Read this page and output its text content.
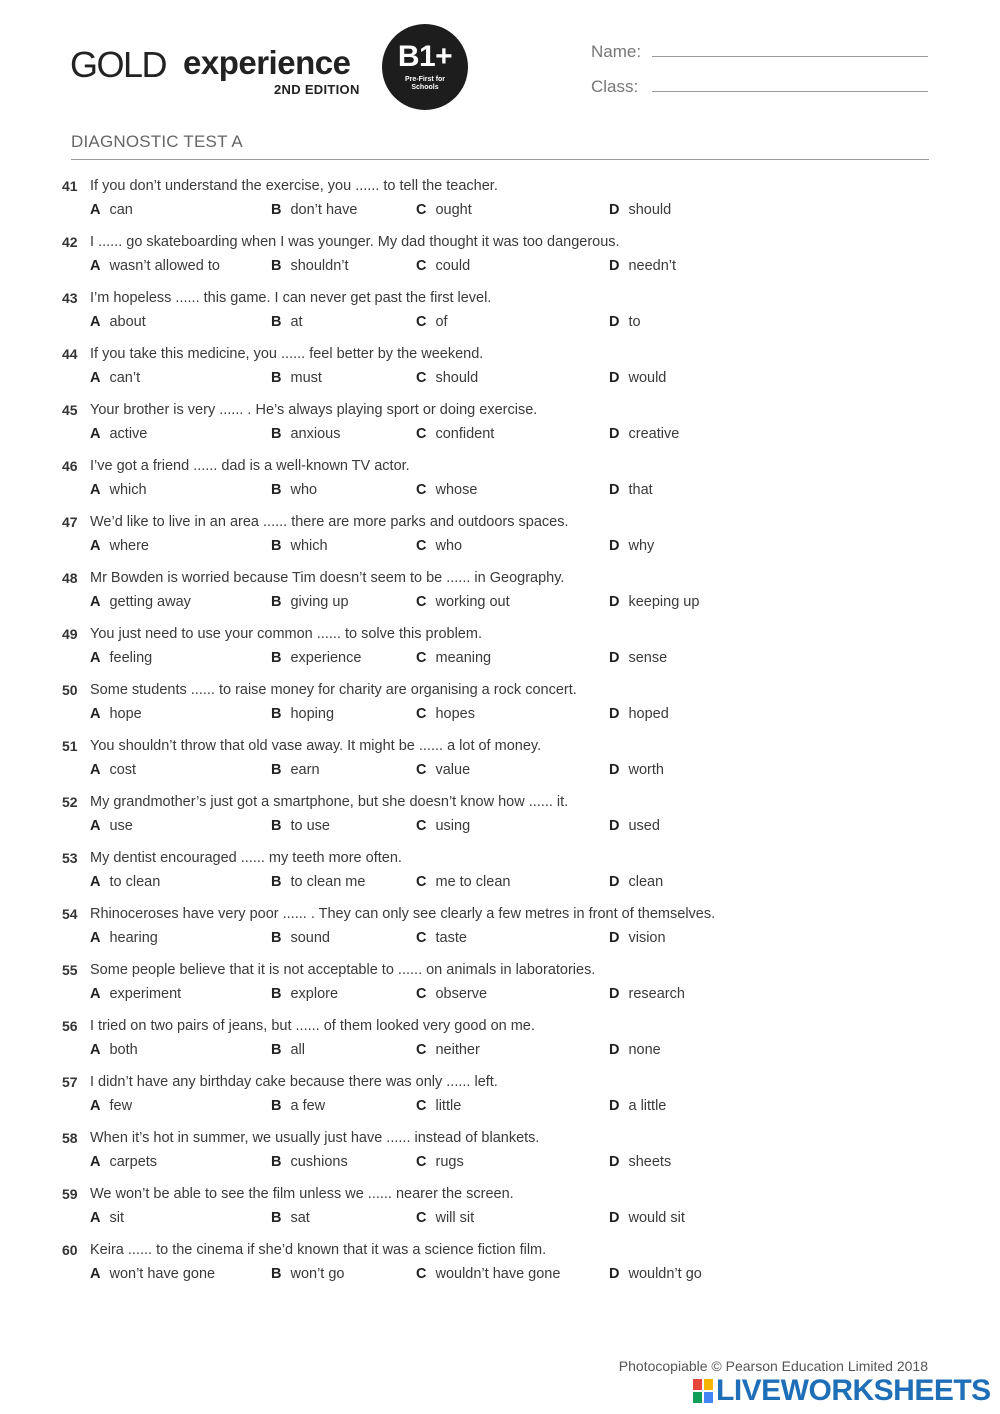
GOLD experience
2ND EDITION
B1+
Pre-First for Schools
Name:
Class:
DIAGNOSTIC TEST A
41 If you don’t understand the exercise, you ...... to tell the teacher.
A can	B don’t have	C ought	D should
42 I ...... go skateboarding when I was younger. My dad thought it was too dangerous.
A wasn’t allowed to	B shouldn’t	C could	D needn’t
43 I’m hopeless ...... this game. I can never get past the first level.
A about	B at	C of	D to
44 If you take this medicine, you ...... feel better by the weekend.
A can’t	B must	C should	D would
45 Your brother is very ...... . He’s always playing sport or doing exercise.
A active	B anxious	C confident	D creative
46 I’ve got a friend ...... dad is a well-known TV actor.
A which	B who	C whose	D that
47 We’d like to live in an area ...... there are more parks and outdoors spaces.
A where	B which	C who	D why
48 Mr Bowden is worried because Tim doesn’t seem to be ...... in Geography.
A getting away	B giving up	C working out	D keeping up
49 You just need to use your common ...... to solve this problem.
A feeling	B experience	C meaning	D sense
50 Some students ...... to raise money for charity are organising a rock concert.
A hope	B hoping	C hopes	D hoped
51 You shouldn’t throw that old vase away. It might be ...... a lot of money.
A cost	B earn	C value	D worth
52 My grandmother’s just got a smartphone, but she doesn’t know how ...... it.
A use	B to use	C using	D used
53 My dentist encouraged ...... my teeth more often.
A to clean	B to clean me	C me to clean	D clean
54 Rhinoceroses have very poor ...... . They can only see clearly a few metres in front of themselves.
A hearing	B sound	C taste	D vision
55 Some people believe that it is not acceptable to ...... on animals in laboratories.
A experiment	B explore	C observe	D research
56 I tried on two pairs of jeans, but ...... of them looked very good on me.
A both	B all	C neither	D none
57 I didn’t have any birthday cake because there was only ...... left.
A few	B a few	C little	D a little
58 When it’s hot in summer, we usually just have ...... instead of blankets.
A carpets	B cushions	C rugs	D sheets
59 We won’t be able to see the film unless we ...... nearer the screen.
A sit	B sat	C will sit	D would sit
60 Keira ...... to the cinema if she’d known that it was a science fiction film.
A won’t have gone	B won’t go	C wouldn’t have gone	D wouldn’t go
Photocopiable © Pearson Education Limited 2018
LIVEWORKSHEETS
